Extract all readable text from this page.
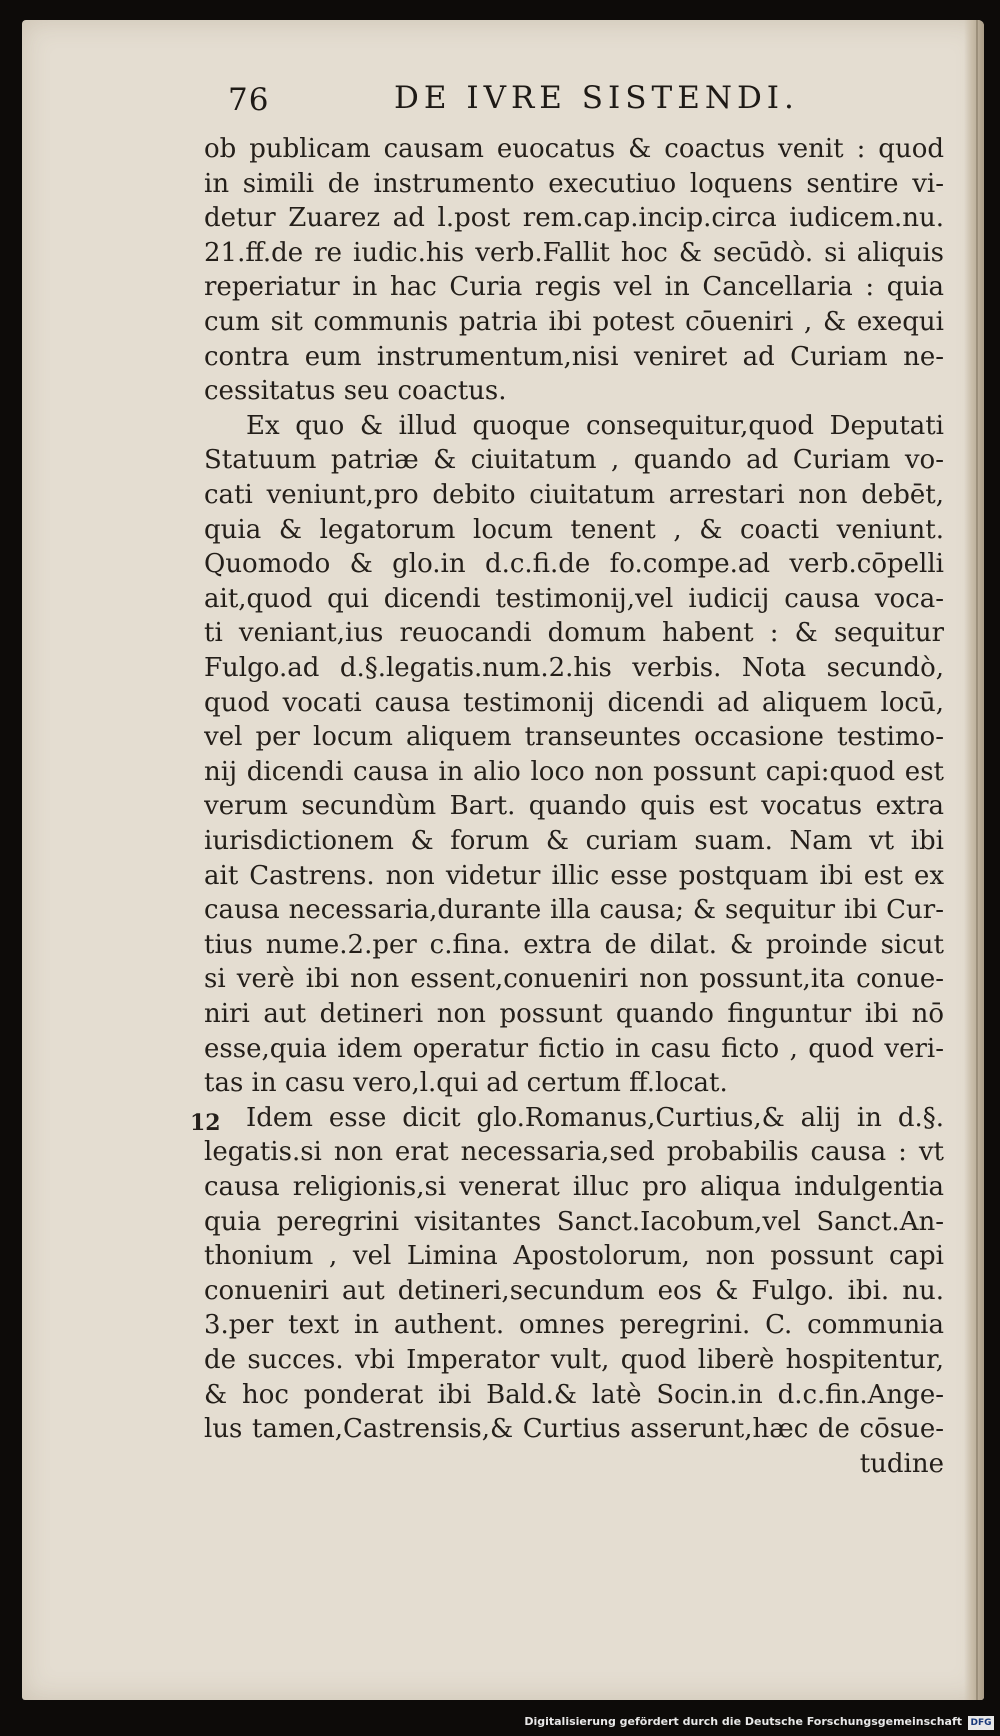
76	DE IVRE SISTENDI.
12
ob publicam causam euocatus & coactus venit : quod
in simili de instrumento executiuo loquens sentire vi-
detur Zuarez ad l.post rem.cap.incip.circa iudicem.nu.
21.ff.de re iudic.his verb.Fallit hoc & secūdò. si aliquis
reperiatur in hac Curia regis vel in Cancellaria : quia
cum sit communis patria ibi potest cōueniri , & exequi
contra eum instrumentum,nisi veniret ad Curiam ne-
cessitatus seu coactus.
Ex quo & illud quoque consequitur,quod Deputati
Statuum patriæ & ciuitatum , quando ad Curiam vo-
cati veniunt,pro debito ciuitatum arrestari non debēt,
quia & legatorum locum tenent , & coacti veniunt.
Quomodo & glo.in d.c.fi.de fo.compe.ad verb.cōpelli
ait,quod qui dicendi testimonij,vel iudicij causa voca-
ti veniant,ius reuocandi domum habent : & sequitur
Fulgo.ad d.§.legatis.num.2.his verbis. Nota secundò,
quod vocati causa testimonij dicendi ad aliquem locū,
vel per locum aliquem transeuntes occasione testimo-
nij dicendi causa in alio loco non possunt capi:quod est
verum secundùm Bart. quando quis est vocatus extra
iurisdictionem & forum & curiam suam. Nam vt ibi
ait Castrens. non videtur illic esse postquam ibi est ex
causa necessaria,durante illa causa; & sequitur ibi Cur-
tius nume.2.per c.fina. extra de dilat. & proinde sicut
si verè ibi non essent,conueniri non possunt,ita conue-
niri aut detineri non possunt quando finguntur ibi nō
esse,quia idem operatur fictio in casu ficto , quod veri-
tas in casu vero,l.qui ad certum ff.locat.
Idem esse dicit glo.Romanus,Curtius,& alij in d.§.
legatis.si non erat necessaria,sed probabilis causa : vt
causa religionis,si venerat illuc pro aliqua indulgentia
quia peregrini visitantes Sanct.Iacobum,vel Sanct.An-
thonium , vel Limina Apostolorum, non possunt capi
conueniri aut detineri,secundum eos & Fulgo. ibi. nu.
3.per text in authent. omnes peregrini. C. communia
de succes. vbi Imperator vult, quod liberè hospitentur,
& hoc ponderat ibi Bald.& latè Socin.in d.c.fin.Ange-
lus tamen,Castrensis,& Curtius asserunt,hæc de cōsue-
tudine
Digitalisierung gefördert durch die Deutsche Forschungsgemeinschaft DFG
